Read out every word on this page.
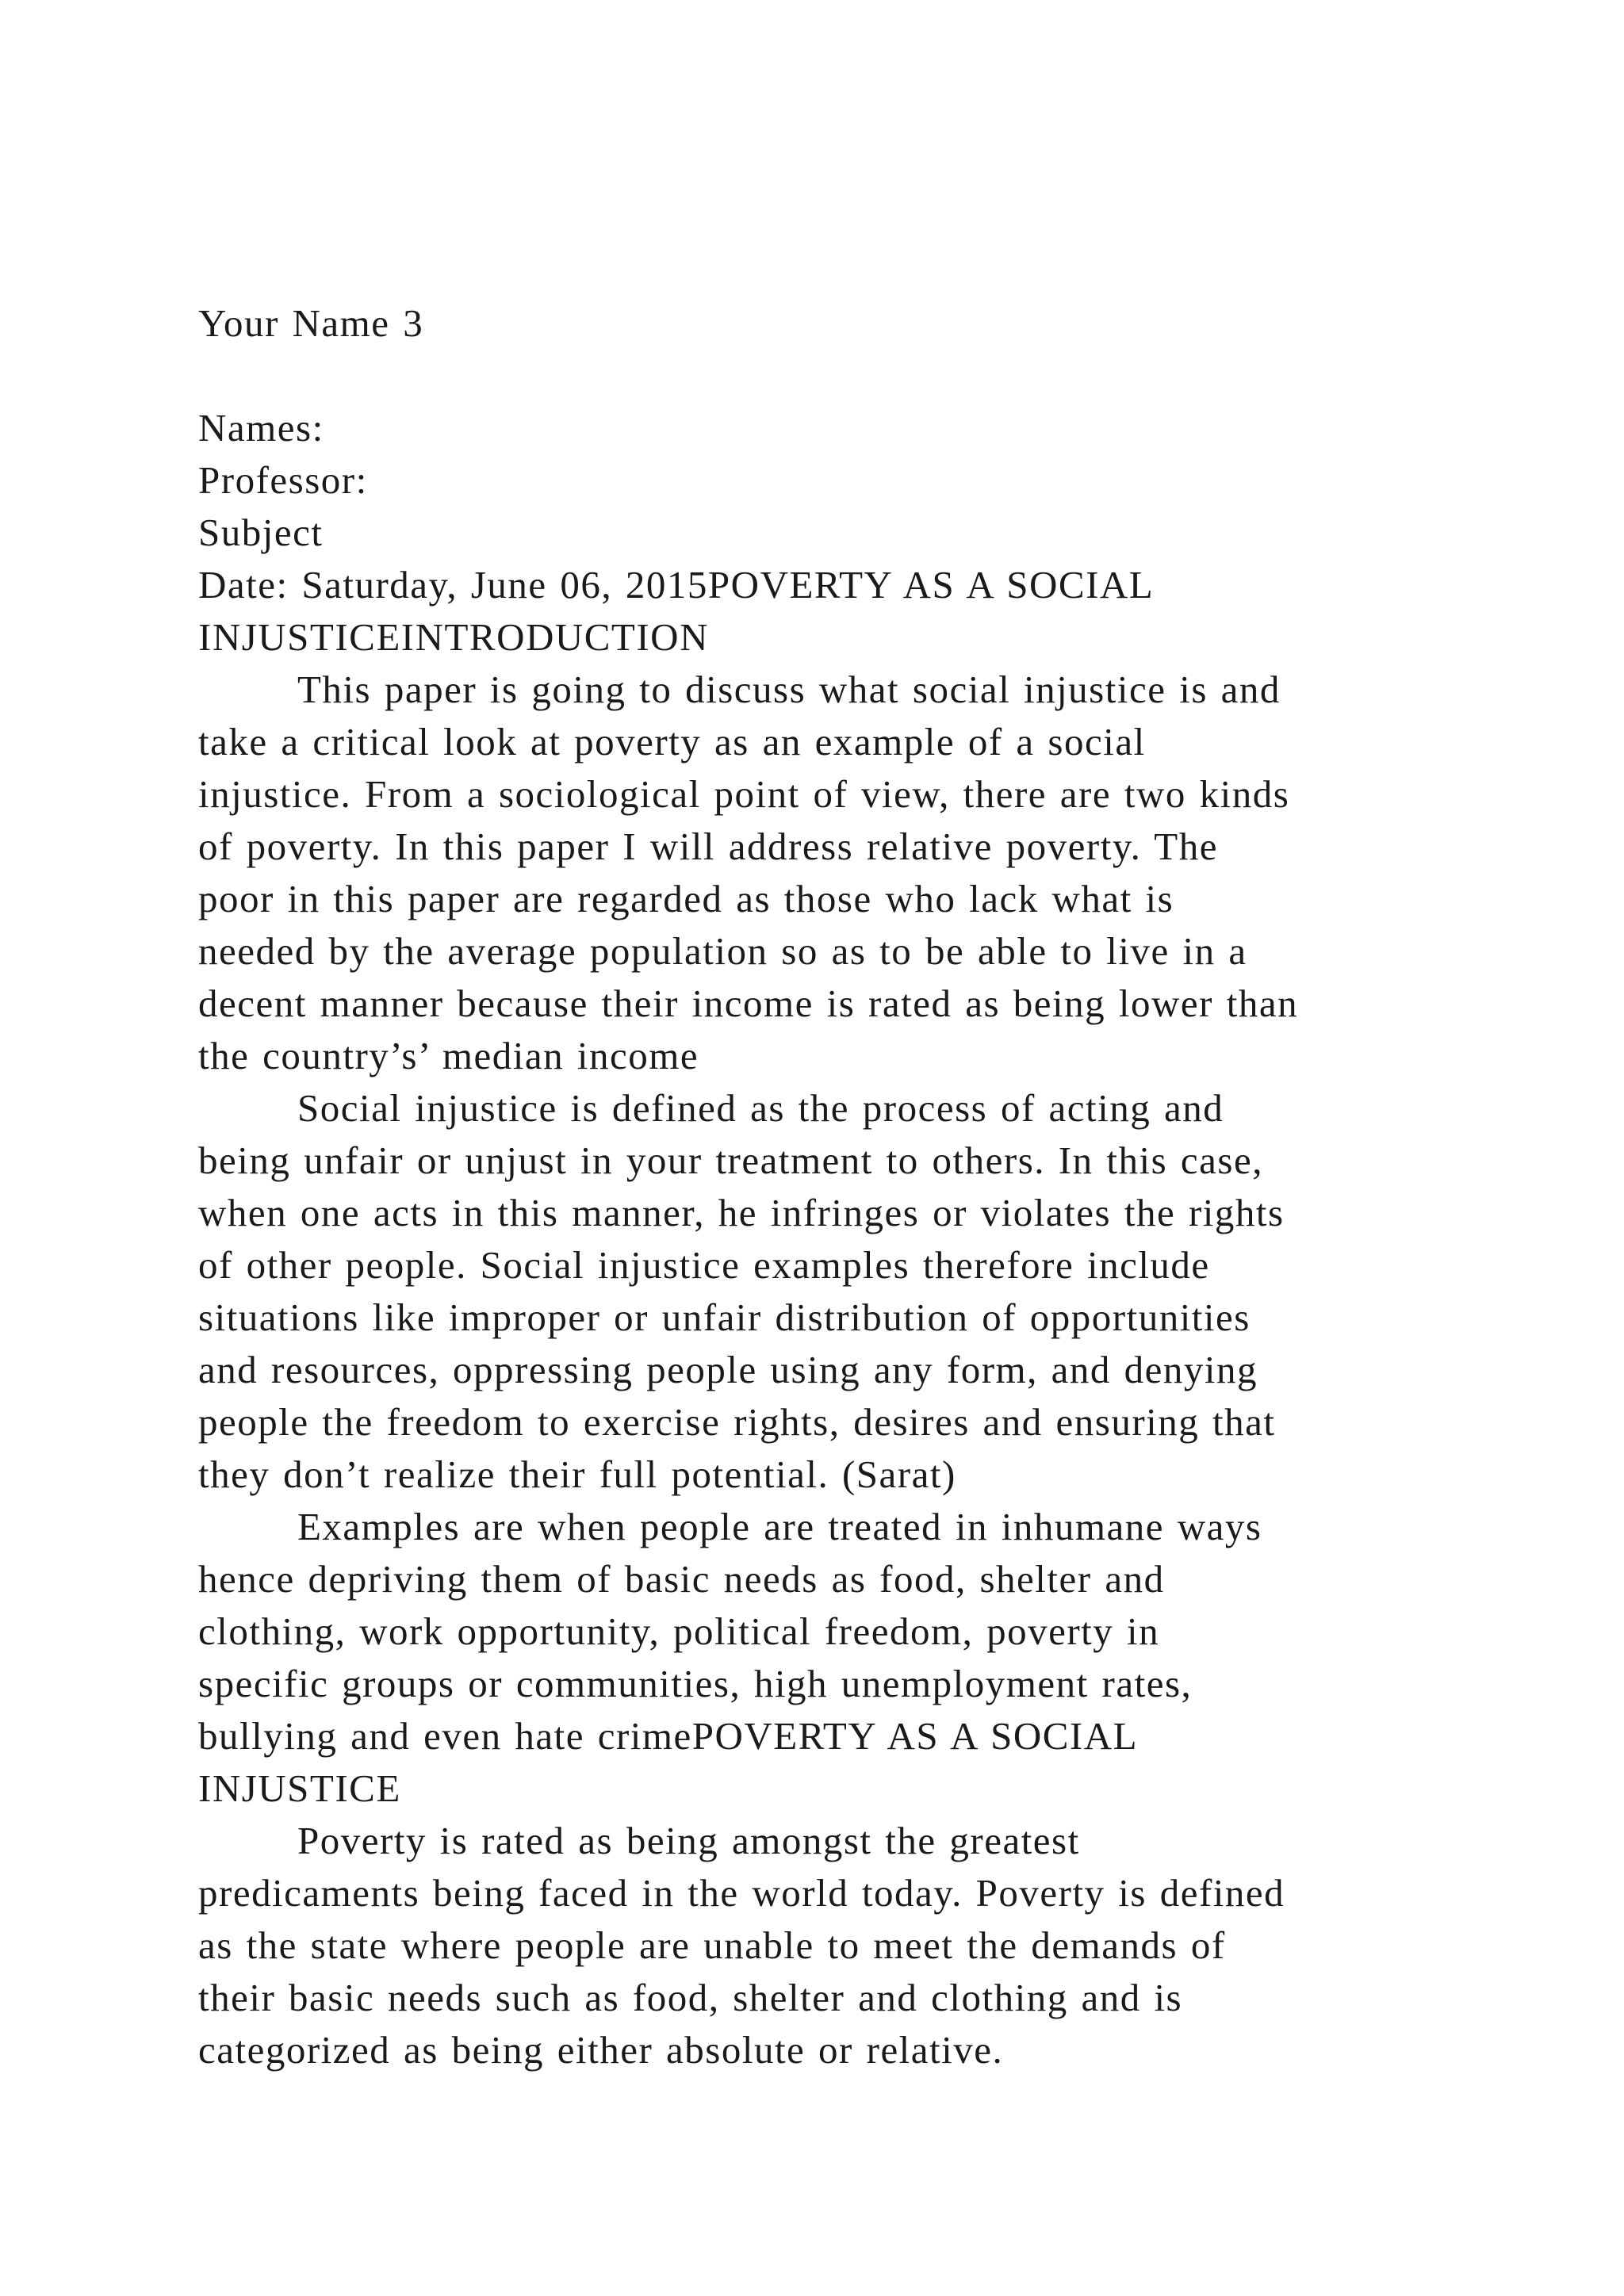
Your Name 3
Names:
Professor:
Subject
Date: Saturday, June 06, 2015POVERTY AS A SOCIAL
INJUSTICEINTRODUCTION
This paper is going to discuss what social injustice is and
take a critical look at poverty as an example of a social
injustice. From a sociological point of view, there are two kinds
of poverty. In this paper I will address relative poverty. The
poor in this paper are regarded as those who lack what is
needed by the average population so as to be able to live in a
decent manner because their income is rated as being lower than
the country’s’ median income
Social injustice is defined as the process of acting and
being unfair or unjust in your treatment to others. In this case,
when one acts in this manner, he infringes or violates the rights
of other people. Social injustice examples therefore include
situations like improper or unfair distribution of opportunities
and resources, oppressing people using any form, and denying
people the freedom to exercise rights, desires and ensuring that
they don’t realize their full potential. (Sarat)
Examples are when people are treated in inhumane ways
hence depriving them of basic needs as food, shelter and
clothing, work opportunity, political freedom, poverty in
specific groups or communities, high unemployment rates,
bullying and even hate crimePOVERTY AS A SOCIAL
INJUSTICE
Poverty is rated as being amongst the greatest
predicaments being faced in the world today. Poverty is defined
as the state where people are unable to meet the demands of
their basic needs such as food, shelter and clothing and is
categorized as being either absolute or relative.
